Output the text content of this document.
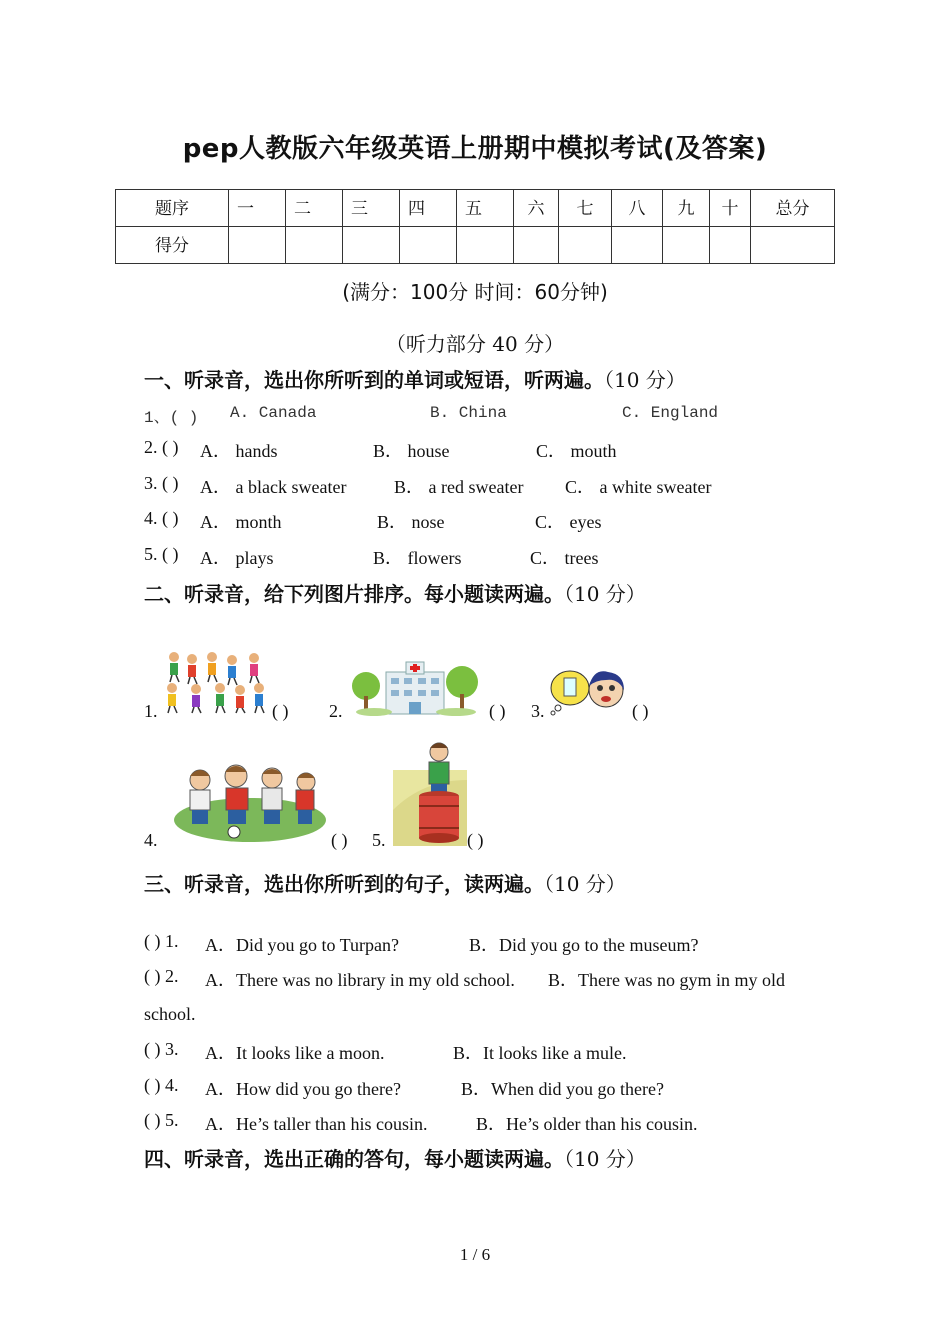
pep人教版六年级英语上册期中模拟考试(及答案)
题序	一	二	三	四	五	六	七	八	九	十	总分

得分											

(满分：100分 时间：60分钟)
（听力部分 40 分）
一、听录音，选出你所听到的单词或短语，听两遍。（10 分）
1、( ) A. Canada	B. China	C. England
2. ( ) A． hands	B． house	C． mouth
3. ( ) A． a black sweater	B． a red sweater C． a white sweater
4. ( ) A． month	B． nose	C． eyes
5. ( ) A． plays	B． flowers	C． trees
二、听录音，给下列图片排序。每小题读两遍。（10 分）
1.	( ) 2.	( ) 3.	( )
4.	( ) 5.	( )
三、听录音，选出你所听到的句子，读两遍。（10 分）
( ) 1. A．Did you go to Turpan?	B．Did you go to the museum?
( ) 2. A．There was no library in my old school. B．There was no gym in my old
school.
( ) 3. A．It looks like a moon.	B．It looks like a mule.
( ) 4. A．How did you go there?	B．When did you go there?
( ) 5. A．He’s taller than his cousin.	B．He’s older than his cousin.
四、听录音，选出正确的答句，每小题读两遍。（10 分）
1 / 6
